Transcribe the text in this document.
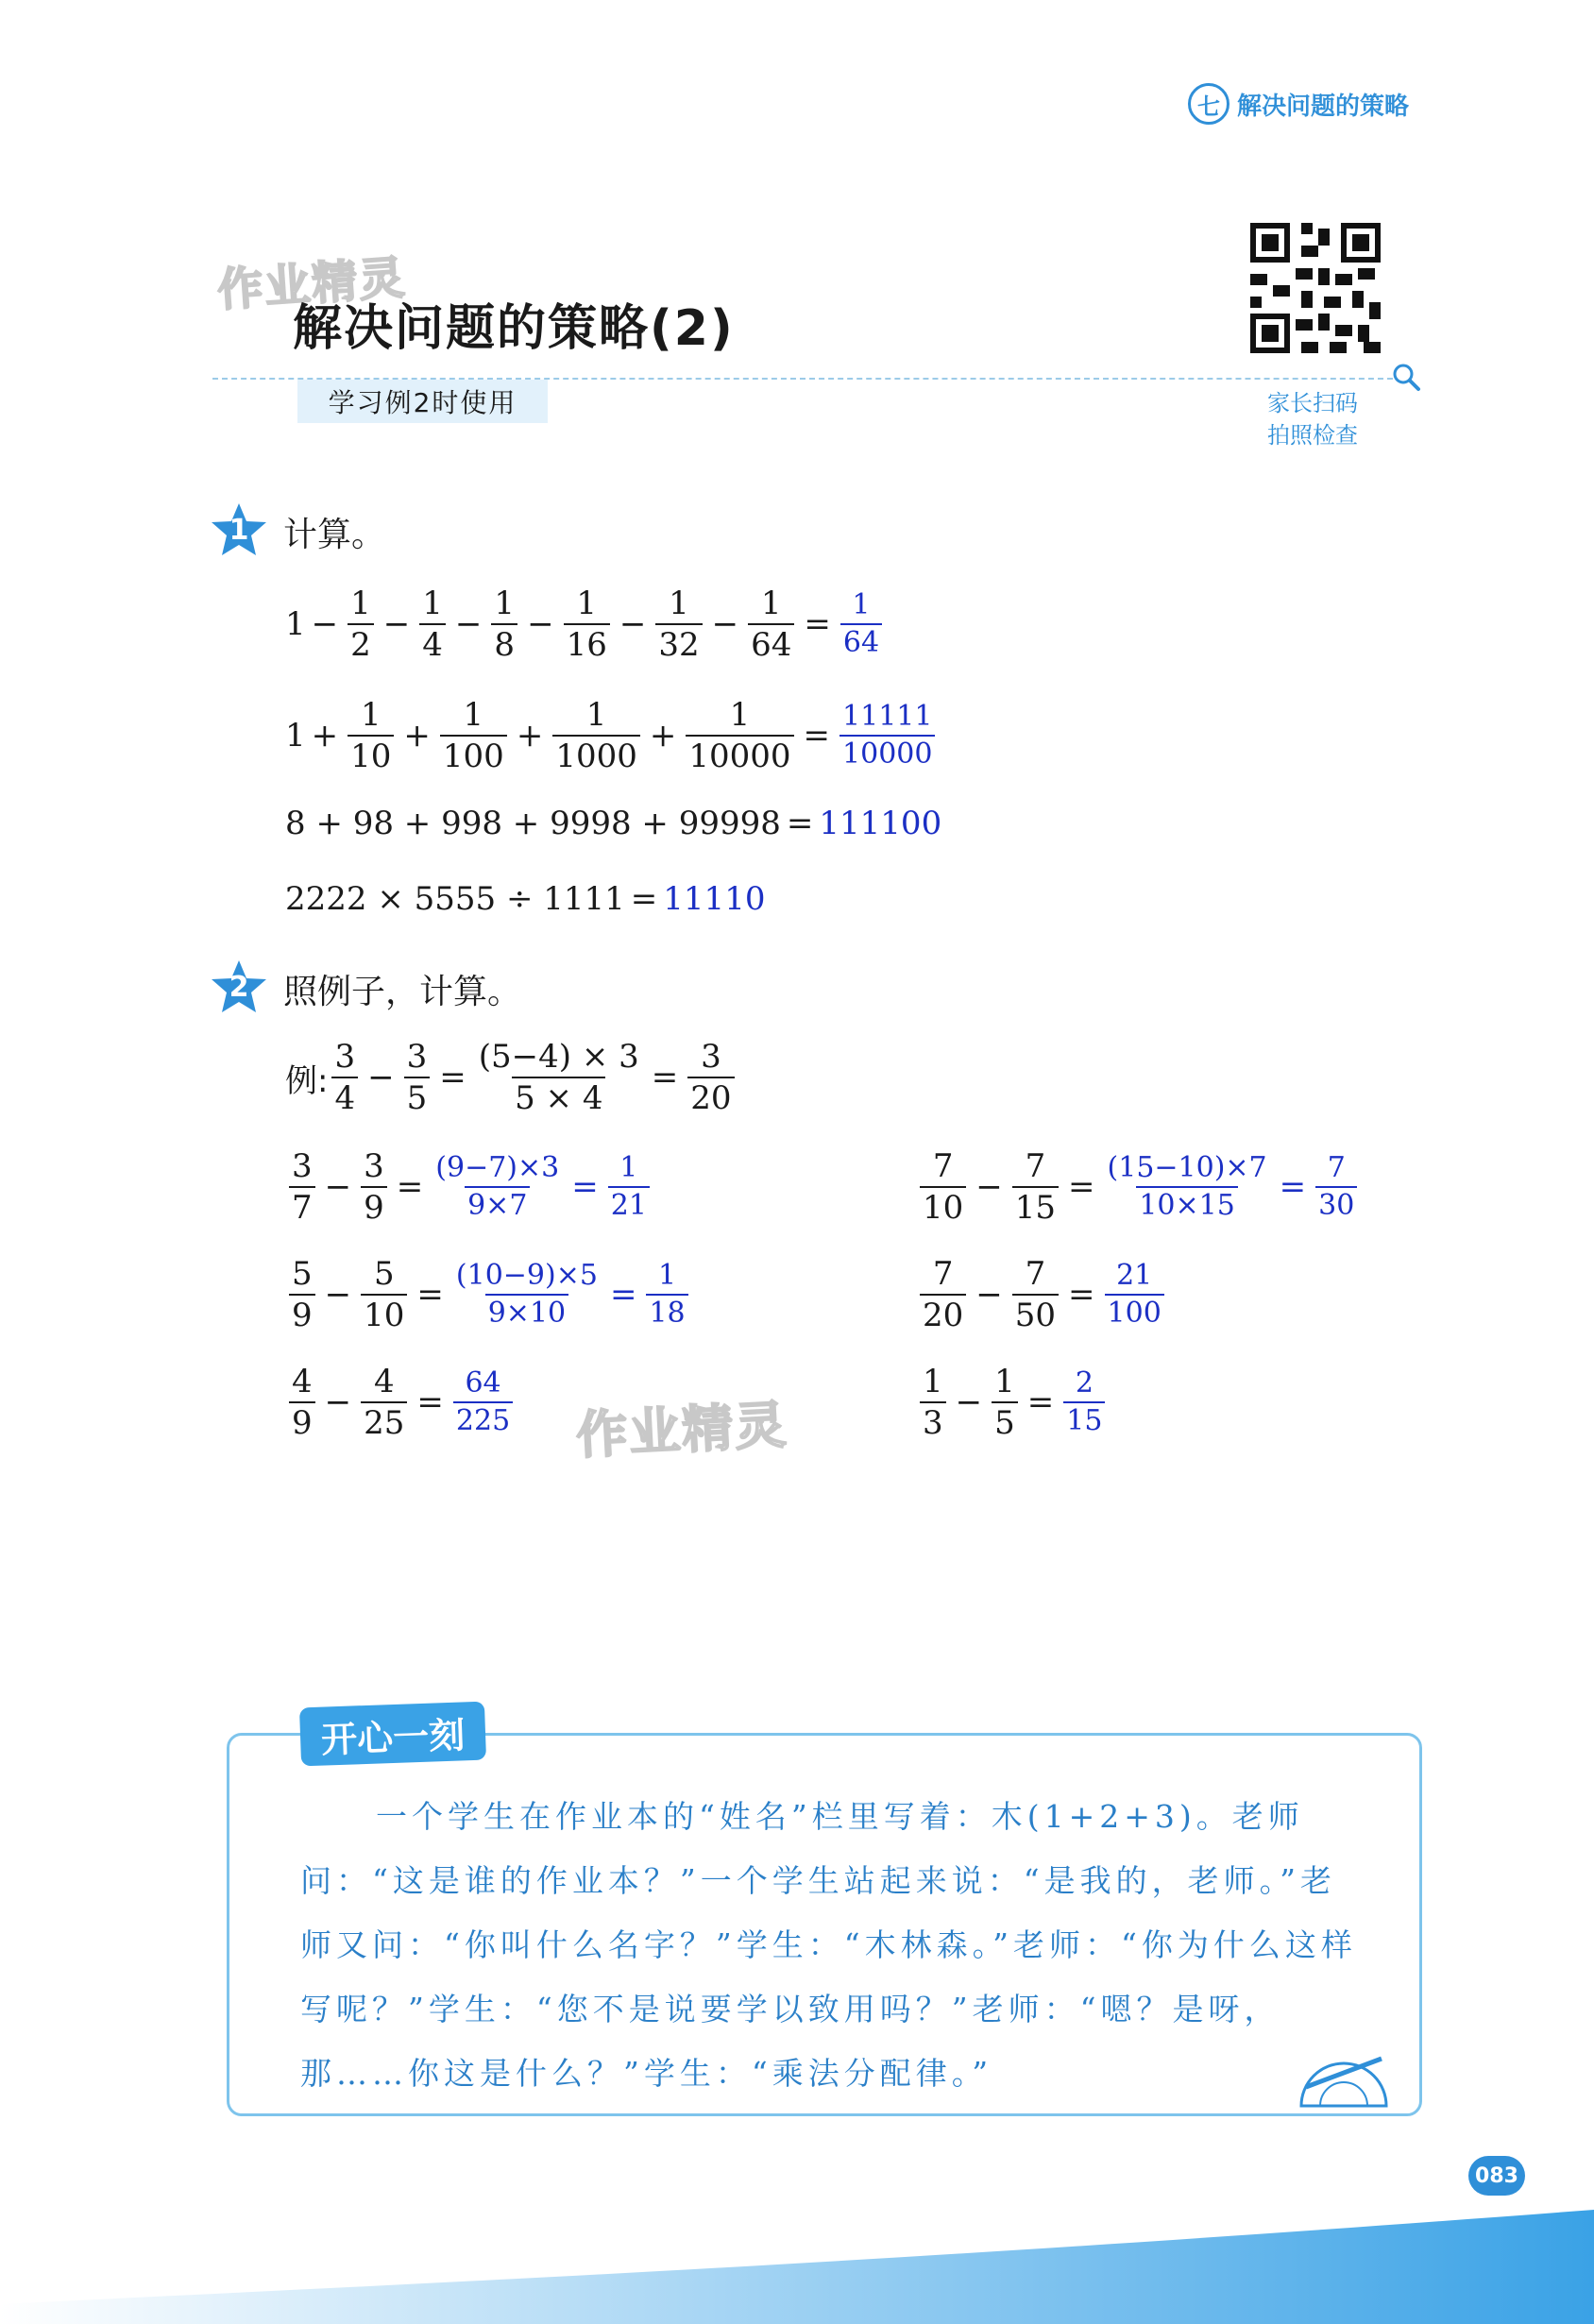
七 解决问题的策略
作业精灵
解决问题的策略(2)
学习例2时使用	家长扫码
拍照检查
1	计算。
$1 - \frac{1}{2} - \frac{1}{4} - \frac{1}{8} - \frac{1}{16} - \frac{1}{32} - \frac{1}{64} = \frac{1}{64}$
$1 + \frac{1}{10} + \frac{1}{100} + \frac{1}{1000} + \frac{1}{10000} = \frac{11111}{10000}$
8 + 98 + 998 + 9998 + 99998 = 111100
2222 × 5555 ÷ 1111 = 11110
2	照例子，计算。
例: $\frac{3}{4} - \frac{3}{5} = \frac{(5-4) \times 3}{5 \times 4} = \frac{3}{20}$
$\frac{3}{7} - \frac{3}{9} = \frac{(9-7)\times 3}{9\times 7} = \frac{1}{21}$	$\frac{7}{10} - \frac{7}{15} = \frac{(15-10)\times 7}{10\times 15} = \frac{7}{30}$
$\frac{5}{9} - \frac{5}{10} = \frac{(10-9)\times 5}{9\times 10} = \frac{1}{18}$	$\frac{7}{20} - \frac{7}{50} = \frac{21}{100}$
$\frac{4}{9} - \frac{4}{25} = \frac{64}{225}$ 作业精灵	$\frac{1}{3} - \frac{1}{5} = \frac{2}{15}$
开心一刻
一个学生在作业本的“姓名”栏里写着：木(1+2+3)。老师问：“这是谁的作业本？”一个学生站起来说：“是我的，老师。”老师又问：“你叫什么名字？”学生：“木林森。”老师：“你为什么这样写呢？”学生：“您不是说要学以致用吗？”老师：“嗯？是呀，那……你这是什么？”学生：“乘法分配律。”
083
